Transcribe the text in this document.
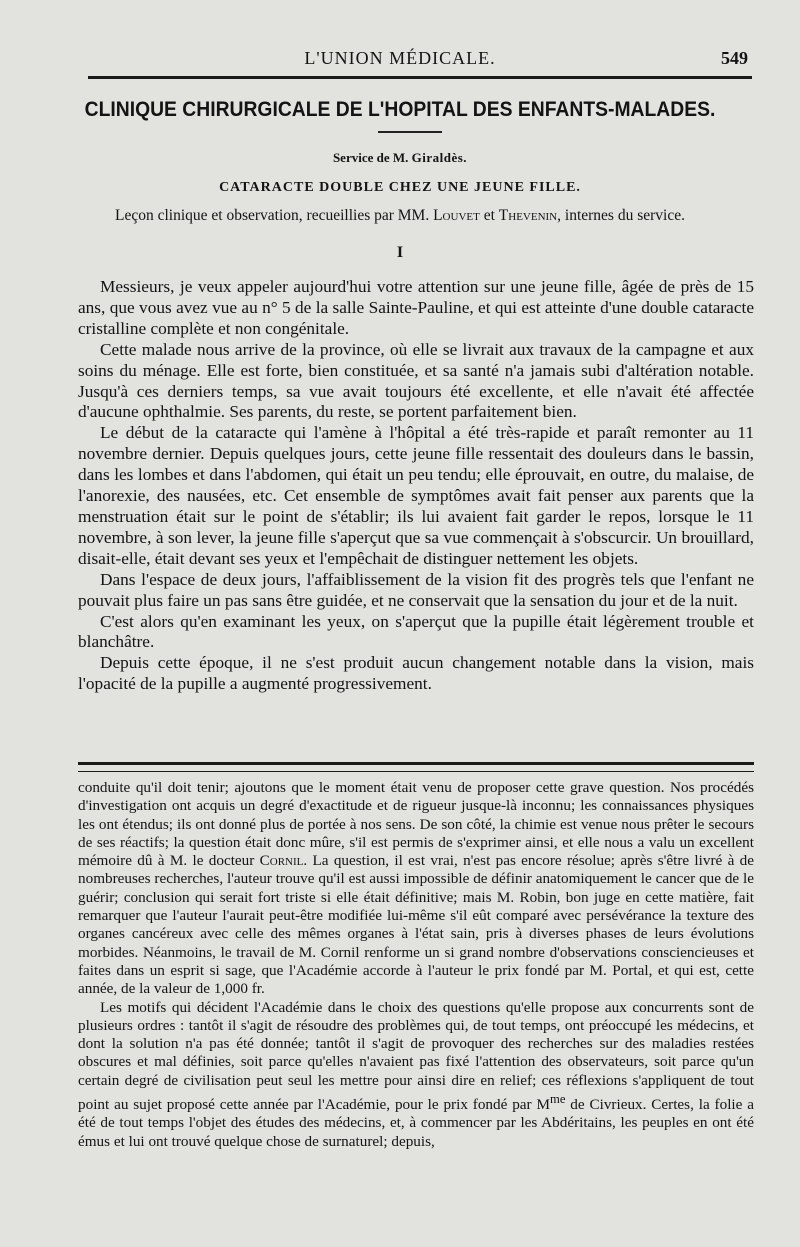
L'UNION MÉDICALE.	549
CLINIQUE CHIRURGICALE DE L'HOPITAL DES ENFANTS-MALADES.
Service de M. Giraldès.
CATARACTE DOUBLE CHEZ UNE JEUNE FILLE.
Leçon clinique et observation, recueillies par MM. Louvet et Thevenin, internes du service.
I

Messieurs, je veux appeler aujourd'hui votre attention sur une jeune fille, âgée de près de 15 ans, que vous avez vue au n° 5 de la salle Sainte-Pauline, et qui est atteinte d'une double cataracte cristalline complète et non congénitale.

Cette malade nous arrive de la province, où elle se livrait aux travaux de la campagne et aux soins du ménage. Elle est forte, bien constituée, et sa santé n'a jamais subi d'altération notable. Jusqu'à ces derniers temps, sa vue avait toujours été excellente, et elle n'avait été affectée d'aucune ophthalmie. Ses parents, du reste, se portent parfaitement bien.

Le début de la cataracte qui l'amène à l'hôpital a été très-rapide et paraît remonter au 11 novembre dernier. Depuis quelques jours, cette jeune fille ressentait des douleurs dans le bassin, dans les lombes et dans l'abdomen, qui était un peu tendu; elle éprouvait, en outre, du malaise, de l'anorexie, des nausées, etc. Cet ensemble de symptômes avait fait penser aux parents que la menstruation était sur le point de s'établir; ils lui avaient fait garder le repos, lorsque le 11 novembre, à son lever, la jeune fille s'aperçut que sa vue commençait à s'obscurcir. Un brouillard, disait-elle, était devant ses yeux et l'empêchait de distinguer nettement les objets.

Dans l'espace de deux jours, l'affaiblissement de la vision fit des progrès tels que l'enfant ne pouvait plus faire un pas sans être guidée, et ne conservait que la sensation du jour et de la nuit.

C'est alors qu'en examinant les yeux, on s'aperçut que la pupille était légèrement trouble et blanchâtre.

Depuis cette époque, il ne s'est produit aucun changement notable dans la vision, mais l'opacité de la pupille a augmenté progressivement.

conduite qu'il doit tenir; ajoutons que le moment était venu de proposer cette grave question. Nos procédés d'investigation ont acquis un degré d'exactitude et de rigueur jusque-là inconnu; les connaissances physiques les ont étendus; ils ont donné plus de portée à nos sens. De son côté, la chimie est venue nous prêter le secours de ses réactifs; la question était donc mûre, s'il est permis de s'exprimer ainsi, et elle nous a valu un excellent mémoire dû à M. le docteur Cornil. La question, il est vrai, n'est pas encore résolue; après s'être livré à de nombreuses recherches, l'auteur trouve qu'il est aussi impossible de définir anatomiquement le cancer que de le guérir; conclusion qui serait fort triste si elle était définitive; mais M. Robin, bon juge en cette matière, fait remarquer que l'auteur l'aurait peut-être modifiée lui-même s'il eût comparé avec persévérance la texture des organes cancéreux avec celle des mêmes organes à l'état sain, pris à diverses phases de leurs évolutions morbides. Néanmoins, le travail de M. Cornil renforme un si grand nombre d'observations consciencieuses et faites dans un esprit si sage, que l'Académie accorde à l'auteur le prix fondé par M. Portal, et qui est, cette année, de la valeur de 1,000 fr.

Les motifs qui décident l'Académie dans le choix des questions qu'elle propose aux concurrents sont de plusieurs ordres : tantôt il s'agit de résoudre des problèmes qui, de tout temps, ont préoccupé les médecins, et dont la solution n'a pas été donnée; tantôt il s'agit de provoquer des recherches sur des maladies restées obscures et mal définies, soit parce qu'elles n'avaient pas fixé l'attention des observateurs, soit parce qu'un certain degré de civilisation peut seul les mettre pour ainsi dire en relief; ces réflexions s'appliquent de tout point au sujet proposé cette année par l'Académie, pour le prix fondé par $M^{me}$ de Civrieux. Certes, la folie a été de tout temps l'objet des études des médecins, et, à commencer par les Abdéritains, les peuples en ont été émus et lui ont trouvé quelque chose de surnaturel; depuis,
